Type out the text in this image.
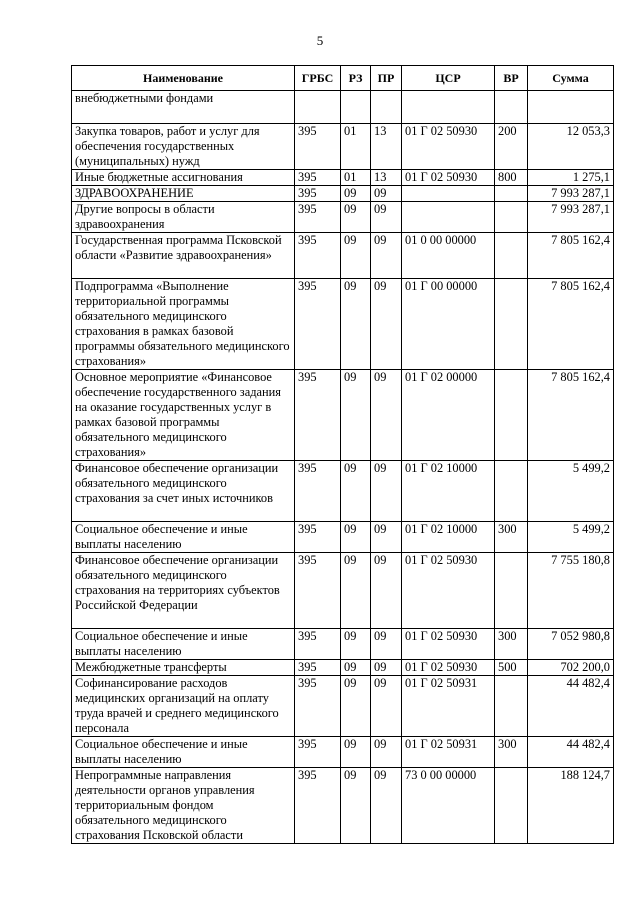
5
Наименование	ГРБС	РЗ	ПР	ЦСР	ВР	Сумма
внебюджетными фондами						
Закупка товаров, работ и услуг для обеспечения государственных (муниципальных) нужд	395	01	13	01 Г 02 50930	200	12 053,3
Иные бюджетные ассигнования	395	01	13	01 Г 02 50930	800	1 275,1
ЗДРАВООХРАНЕНИЕ	395	09	09			7 993 287,1
Другие вопросы в области здравоохранения	395	09	09			7 993 287,1
Государственная программа Псковской области «Развитие здравоохранения»	395	09	09	01 0 00 00000		7 805 162,4
Подпрограмма «Выполнение территориальной программы обязательного медицинского страхования в рамках базовой программы обязательного медицинского страхования»	395	09	09	01 Г 00 00000		7 805 162,4
Основное мероприятие «Финансовое обеспечение государственного задания на оказание государственных услуг в рамках базовой программы обязательного медицинского страхования»	395	09	09	01 Г 02 00000		7 805 162,4
Финансовое обеспечение организации обязательного медицинского страхования за счет иных источников	395	09	09	01 Г 02 10000		5 499,2
Социальное обеспечение и иные выплаты населению	395	09	09	01 Г 02 10000	300	5 499,2
Финансовое обеспечение организации обязательного медицинского страхования на территориях субъектов Российской Федерации	395	09	09	01 Г 02 50930		7 755 180,8
Социальное обеспечение и иные выплаты населению	395	09	09	01 Г 02 50930	300	7 052 980,8
Межбюджетные трансферты	395	09	09	01 Г 02 50930	500	702 200,0
Софинансирование расходов медицинских организаций на оплату труда врачей и среднего медицинского персонала	395	09	09	01 Г 02 50931		44 482,4
Социальное обеспечение и иные выплаты населению	395	09	09	01 Г 02 50931	300	44 482,4
Непрограммные направления деятельности органов управления территориальным фондом обязательного медицинского страхования Псковской области	395	09	09	73 0 00 00000		188 124,7
